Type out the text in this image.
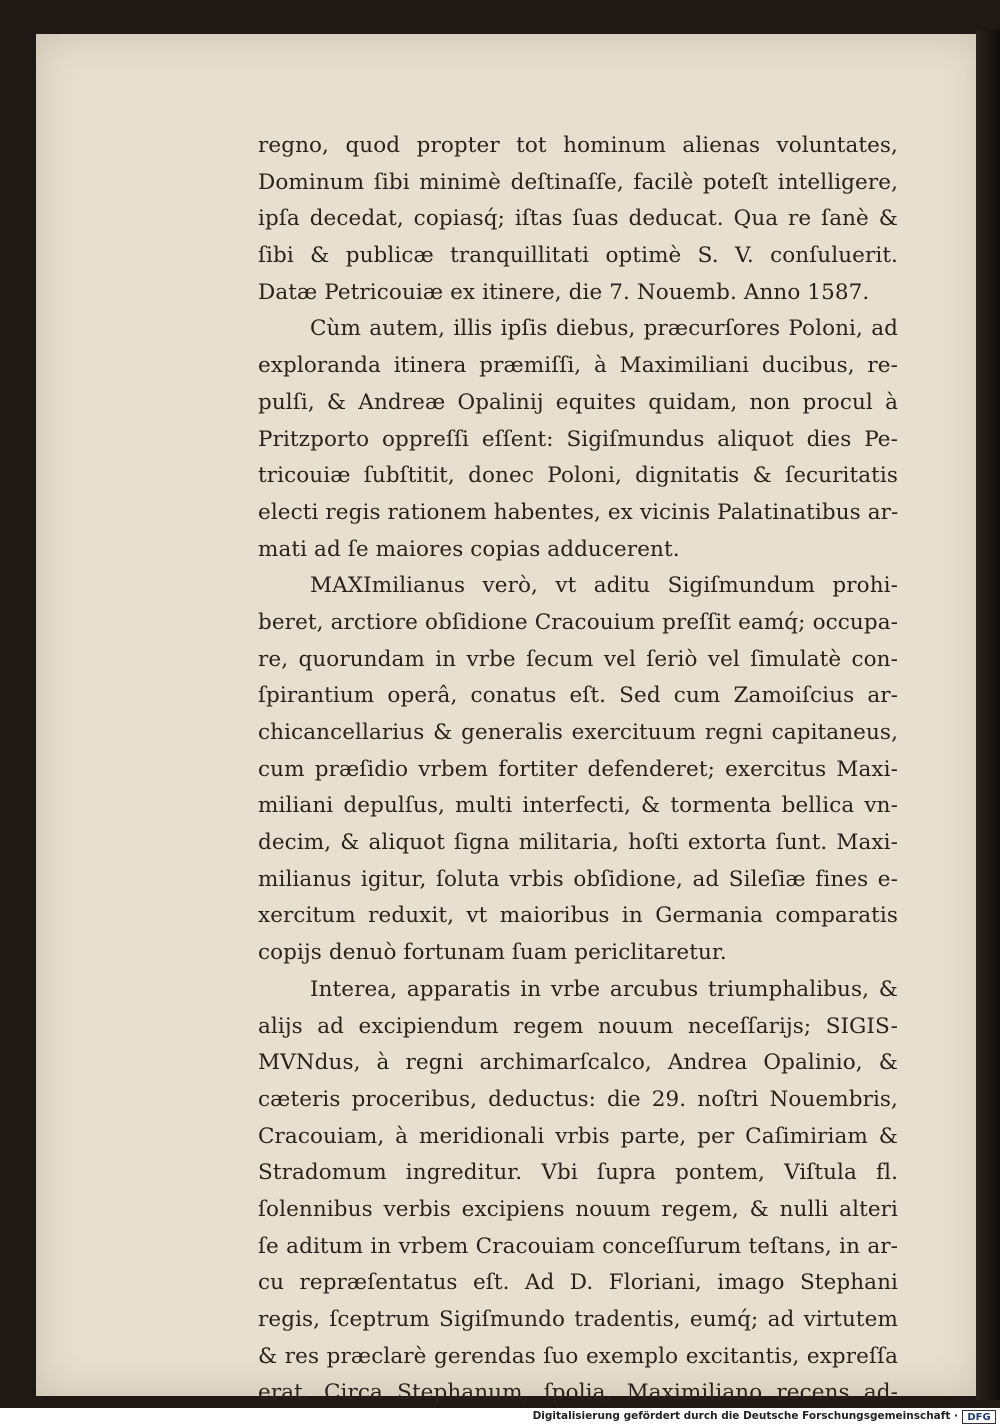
regno, quod propter tot hominum alienas voluntates,
Dominum ſibi minimè deſtinaſſe, facilè poteſt intelligere,
ipſa decedat, copiasq́; iſtas ſuas deducat. Qua re ſanè &
ſibi & publicæ tranquillitati optimè S. V. conſuluerit.
Datæ Petricouiæ ex itinere, die 7. Nouemb. Anno 1587.
Cùm autem, illis ipſis diebus, præcurſores Poloni, ad
exploranda itinera præmiſſi, à Maximiliani ducibus, re-
pulſi, & Andreæ Opalinij equites quidam, non procul à
Pritzporto oppreſſi eſſent: Sigiſmundus aliquot dies Pe-
tricouiæ ſubſtitit, donec Poloni, dignitatis & ſecuritatis
electi regis rationem habentes, ex vicinis Palatinatibus ar-
mati ad ſe maiores copias adducerent.
MAXImilianus verò, vt aditu Sigiſmundum prohi-
beret, arctiore obſidione Cracouium preſſit eamq́; occupa-
re, quorundam in vrbe ſecum vel ſeriò vel ſimulatè con-
ſpirantium operâ, conatus eſt. Sed cum Zamoiſcius ar-
chicancellarius & generalis exercituum regni capitaneus,
cum præſidio vrbem fortiter defenderet; exercitus Maxi-
miliani depulſus, multi interfecti, & tormenta bellica vn-
decim, & aliquot ſigna militaria, hoſti extorta ſunt. Maxi-
milianus igitur, ſoluta vrbis obſidione, ad Sileſiæ fines e-
xercitum reduxit, vt maioribus in Germania comparatis
copijs denuò fortunam ſuam periclitaretur.
Interea, apparatis in vrbe arcubus triumphalibus, &
alijs ad excipiendum regem nouum neceſſarijs; SIGIS-
MVNdus, à regni archimarſcalco, Andrea Opalinio, &
cæteris proceribus, deductus: die 29. noſtri Nouembris,
Cracouiam, à meridionali vrbis parte, per Caſimiriam &
Stradomum ingreditur. Vbi ſupra pontem, Viſtula fl.
ſolennibus verbis excipiens nouum regem, & nulli alteri
ſe aditum in vrbem Cracouiam conceſſurum teſtans, in ar-
cu repræſentatus eſt. Ad D. Floriani, imago Stephani
regis, ſceptrum Sigiſmundo tradentis, eumq́; ad virtutem
& res præclarè gerendas ſuo exemplo excitantis, expreſſa
erat. Circa Stephanum, ſpolia, Maximiliano recens ad-
Digitalisierung gefördert durch die Deutsche Forschungsgemeinschaft · DFG
